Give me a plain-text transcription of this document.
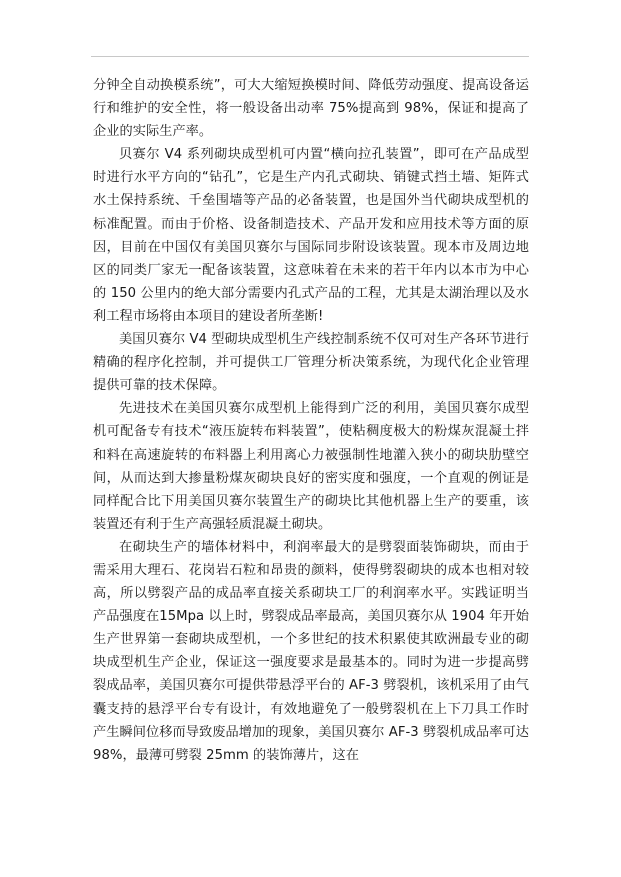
分钟全自动换模系统”，可大大缩短换模时间、降低劳动强度、提高设备运行和维护的安全性，将一般设备出动率 75%提高到 98%，保证和提高了企业的实际生产率。

贝赛尔 V4 系列砌块成型机可内置“横向拉孔装置”，即可在产品成型时进行水平方向的“钻孔”，它是生产内孔式砌块、销键式挡土墙、矩阵式水土保持系统、千垒围墙等产品的必备装置，也是国外当代砌块成型机的标准配置。而由于价格、设备制造技术、产品开发和应用技术等方面的原因，目前在中国仅有美国贝赛尔与国际同步附设该装置。现本市及周边地区的同类厂家无一配备该装置，这意味着在未来的若干年内以本市为中心的 150 公里内的绝大部分需要内孔式产品的工程，尤其是太湖治理以及水利工程市场将由本项目的建设者所垄断!

美国贝赛尔 V4 型砌块成型机生产线控制系统不仅可对生产各环节进行精确的程序化控制，并可提供工厂管理分析决策系统，为现代化企业管理提供可靠的技术保障。

先进技术在美国贝赛尔成型机上能得到广泛的利用，美国贝赛尔成型机可配备专有技术“液压旋转布料装置”，使粘稠度极大的粉煤灰混凝土拌和料在高速旋转的布料器上利用离心力被强制性地灌入狭小的砌块肋壁空间，从而达到大掺量粉煤灰砌块良好的密实度和强度，一个直观的例证是同样配合比下用美国贝赛尔装置生产的砌块比其他机器上生产的要重，该装置还有利于生产高强轻质混凝土砌块。

在砌块生产的墙体材料中，利润率最大的是劈裂面装饰砌块，而由于需采用大理石、花岗岩石粒和昂贵的颜料，使得劈裂砌块的成本也相对较高，所以劈裂产品的成品率直接关系砌块工厂的利润率水平。实践证明当产品强度在15Mpa 以上时，劈裂成品率最高，美国贝赛尔从 1904 年开始生产世界第一套砌块成型机，一个多世纪的技术积累使其欧洲最专业的砌块成型机生产企业，保证这一强度要求是最基本的。同时为进一步提高劈裂成品率，美国贝赛尔可提供带悬浮平台的 AF-3 劈裂机，该机采用了由气囊支持的悬浮平台专有设计，有效地避免了一般劈裂机在上下刀具工作时产生瞬间位移而导致废品增加的现象，美国贝赛尔 AF-3 劈裂机成品率可达 98%，最薄可劈裂 25mm 的装饰薄片，这在
